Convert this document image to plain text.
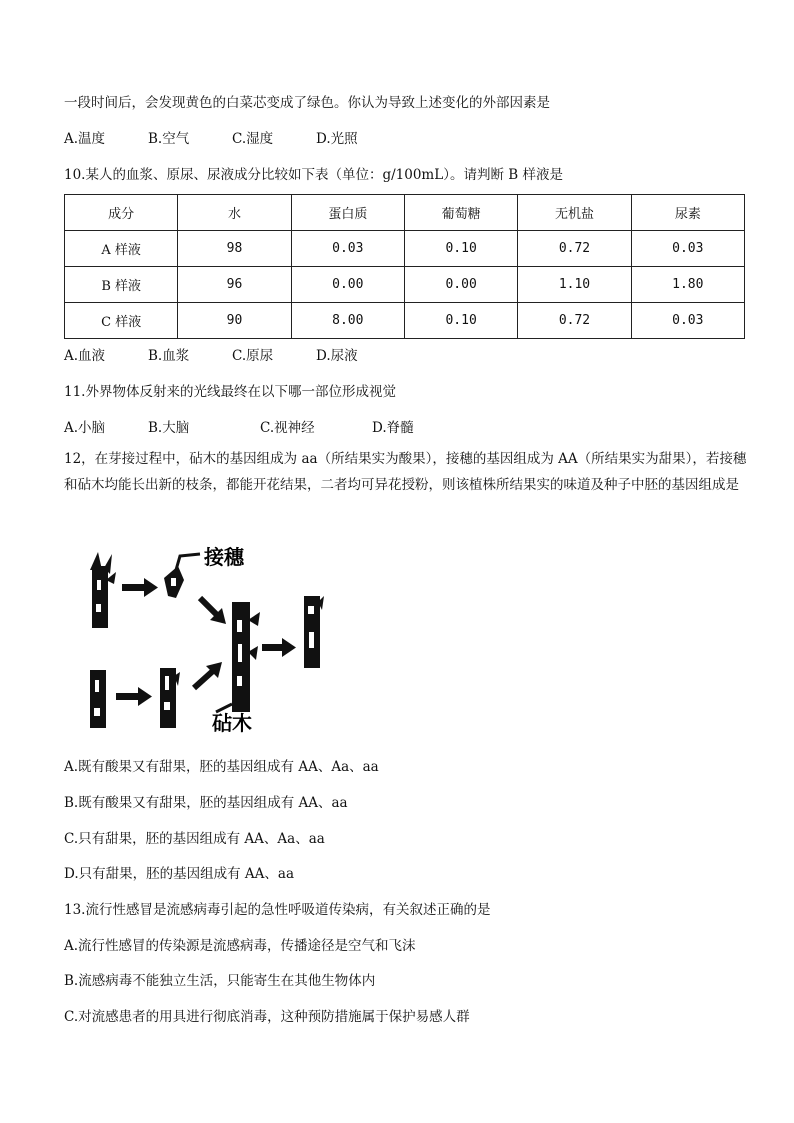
一段时间后，会发现黄色的白菜芯变成了绿色。你认为导致上述变化的外部因素是
A.温度	B.空气	C.湿度	D.光照
10.某人的血浆、原尿、尿液成分比较如下表（单位：g/100mL）。请判断 B 样液是
成分	水	蛋白质	葡萄糖	无机盐	尿素
A 样液	98	0.03	0.10	0.72	0.03
B 样液	96	0.00	0.00	1.10	1.80
C 样液	90	8.00	0.10	0.72	0.03
A.血液	B.血浆	C.原尿	D.尿液
11.外界物体反射来的光线最终在以下哪一部位形成视觉
A.小脑	B.大脑	C.视神经	D.脊髓
12，在芽接过程中，砧木的基因组成为 aa（所结果实为酸果），接穗的基因组成为 AA（所结果实为甜果），若接穗和砧木均能长出新的枝条，都能开花结果，二者均可异花授粉，则该植株所结果实的味道及种子中胚的基因组成是
接穗
砧木
A.既有酸果又有甜果，胚的基因组成有 AA、Aa、aa
B.既有酸果又有甜果，胚的基因组成有 AA、aa
C.只有甜果，胚的基因组成有 AA、Aa、aa
D.只有甜果，胚的基因组成有 AA、aa
13.流行性感冒是流感病毒引起的急性呼吸道传染病，有关叙述正确的是
A.流行性感冒的传染源是流感病毒，传播途径是空气和飞沫
B.流感病毒不能独立生活，只能寄生在其他生物体内
C.对流感患者的用具进行彻底消毒，这种预防措施属于保护易感人群
